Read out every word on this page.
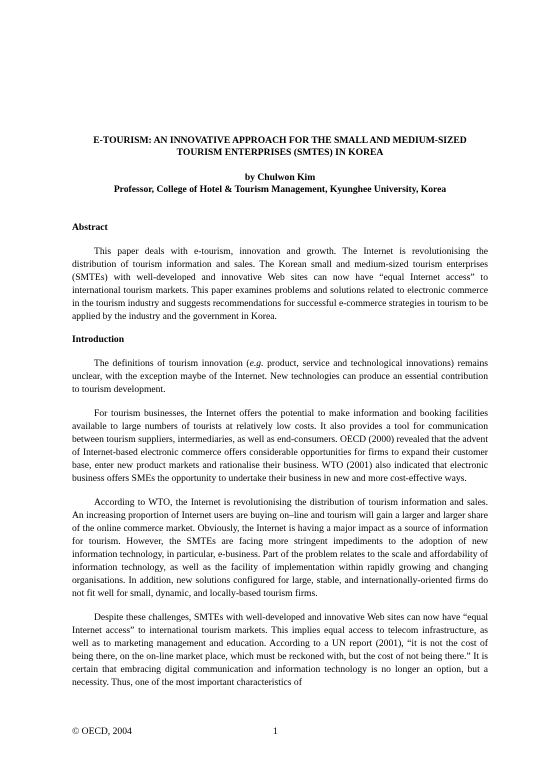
E-TOURISM: AN INNOVATIVE APPROACH FOR THE SMALL AND MEDIUM-SIZED
TOURISM ENTERPRISES (SMTES) IN KOREA
by Chulwon Kim
Professor, College of Hotel & Tourism Management, Kyunghee University, Korea
Abstract

This paper deals with e-tourism, innovation and growth. The Internet is revolutionising the distribution of tourism information and sales. The Korean small and medium-sized tourism enterprises (SMTEs) with well-developed and innovative Web sites can now have “equal Internet access” to international tourism markets. This paper examines problems and solutions related to electronic commerce in the tourism industry and suggests recommendations for successful e-commerce strategies in tourism to be applied by the industry and the government in Korea.

Introduction

The definitions of tourism innovation (e.g. product, service and technological innovations) remains unclear, with the exception maybe of the Internet. New technologies can produce an essential contribution to tourism development.

For tourism businesses, the Internet offers the potential to make information and booking facilities available to large numbers of tourists at relatively low costs. It also provides a tool for communication between tourism suppliers, intermediaries, as well as end-consumers. OECD (2000) revealed that the advent of Internet-based electronic commerce offers considerable opportunities for firms to expand their customer base, enter new product markets and rationalise their business. WTO (2001) also indicated that electronic business offers SMEs the opportunity to undertake their business in new and more cost-effective ways.

According to WTO, the Internet is revolutionising the distribution of tourism information and sales. An increasing proportion of Internet users are buying on–line and tourism will gain a larger and larger share of the online commerce market. Obviously, the Internet is having a major impact as a source of information for tourism. However, the SMTEs are facing more stringent impediments to the adoption of new information technology, in particular, e-business. Part of the problem relates to the scale and affordability of information technology, as well as the facility of implementation within rapidly growing and changing organisations. In addition, new solutions configured for large, stable, and internationally-oriented firms do not fit well for small, dynamic, and locally-based tourism firms.

Despite these challenges, SMTEs with well-developed and innovative Web sites can now have “equal Internet access” to international tourism markets. This implies equal access to telecom infrastructure, as well as to marketing management and education. According to a UN report (2001), “it is not the cost of being there, on the on-line market place, which must be reckoned with, but the cost of not being there.” It is certain that embracing digital communication and information technology is no longer an option, but a necessity. Thus, one of the most important characteristics of

© OECD, 2004	1
